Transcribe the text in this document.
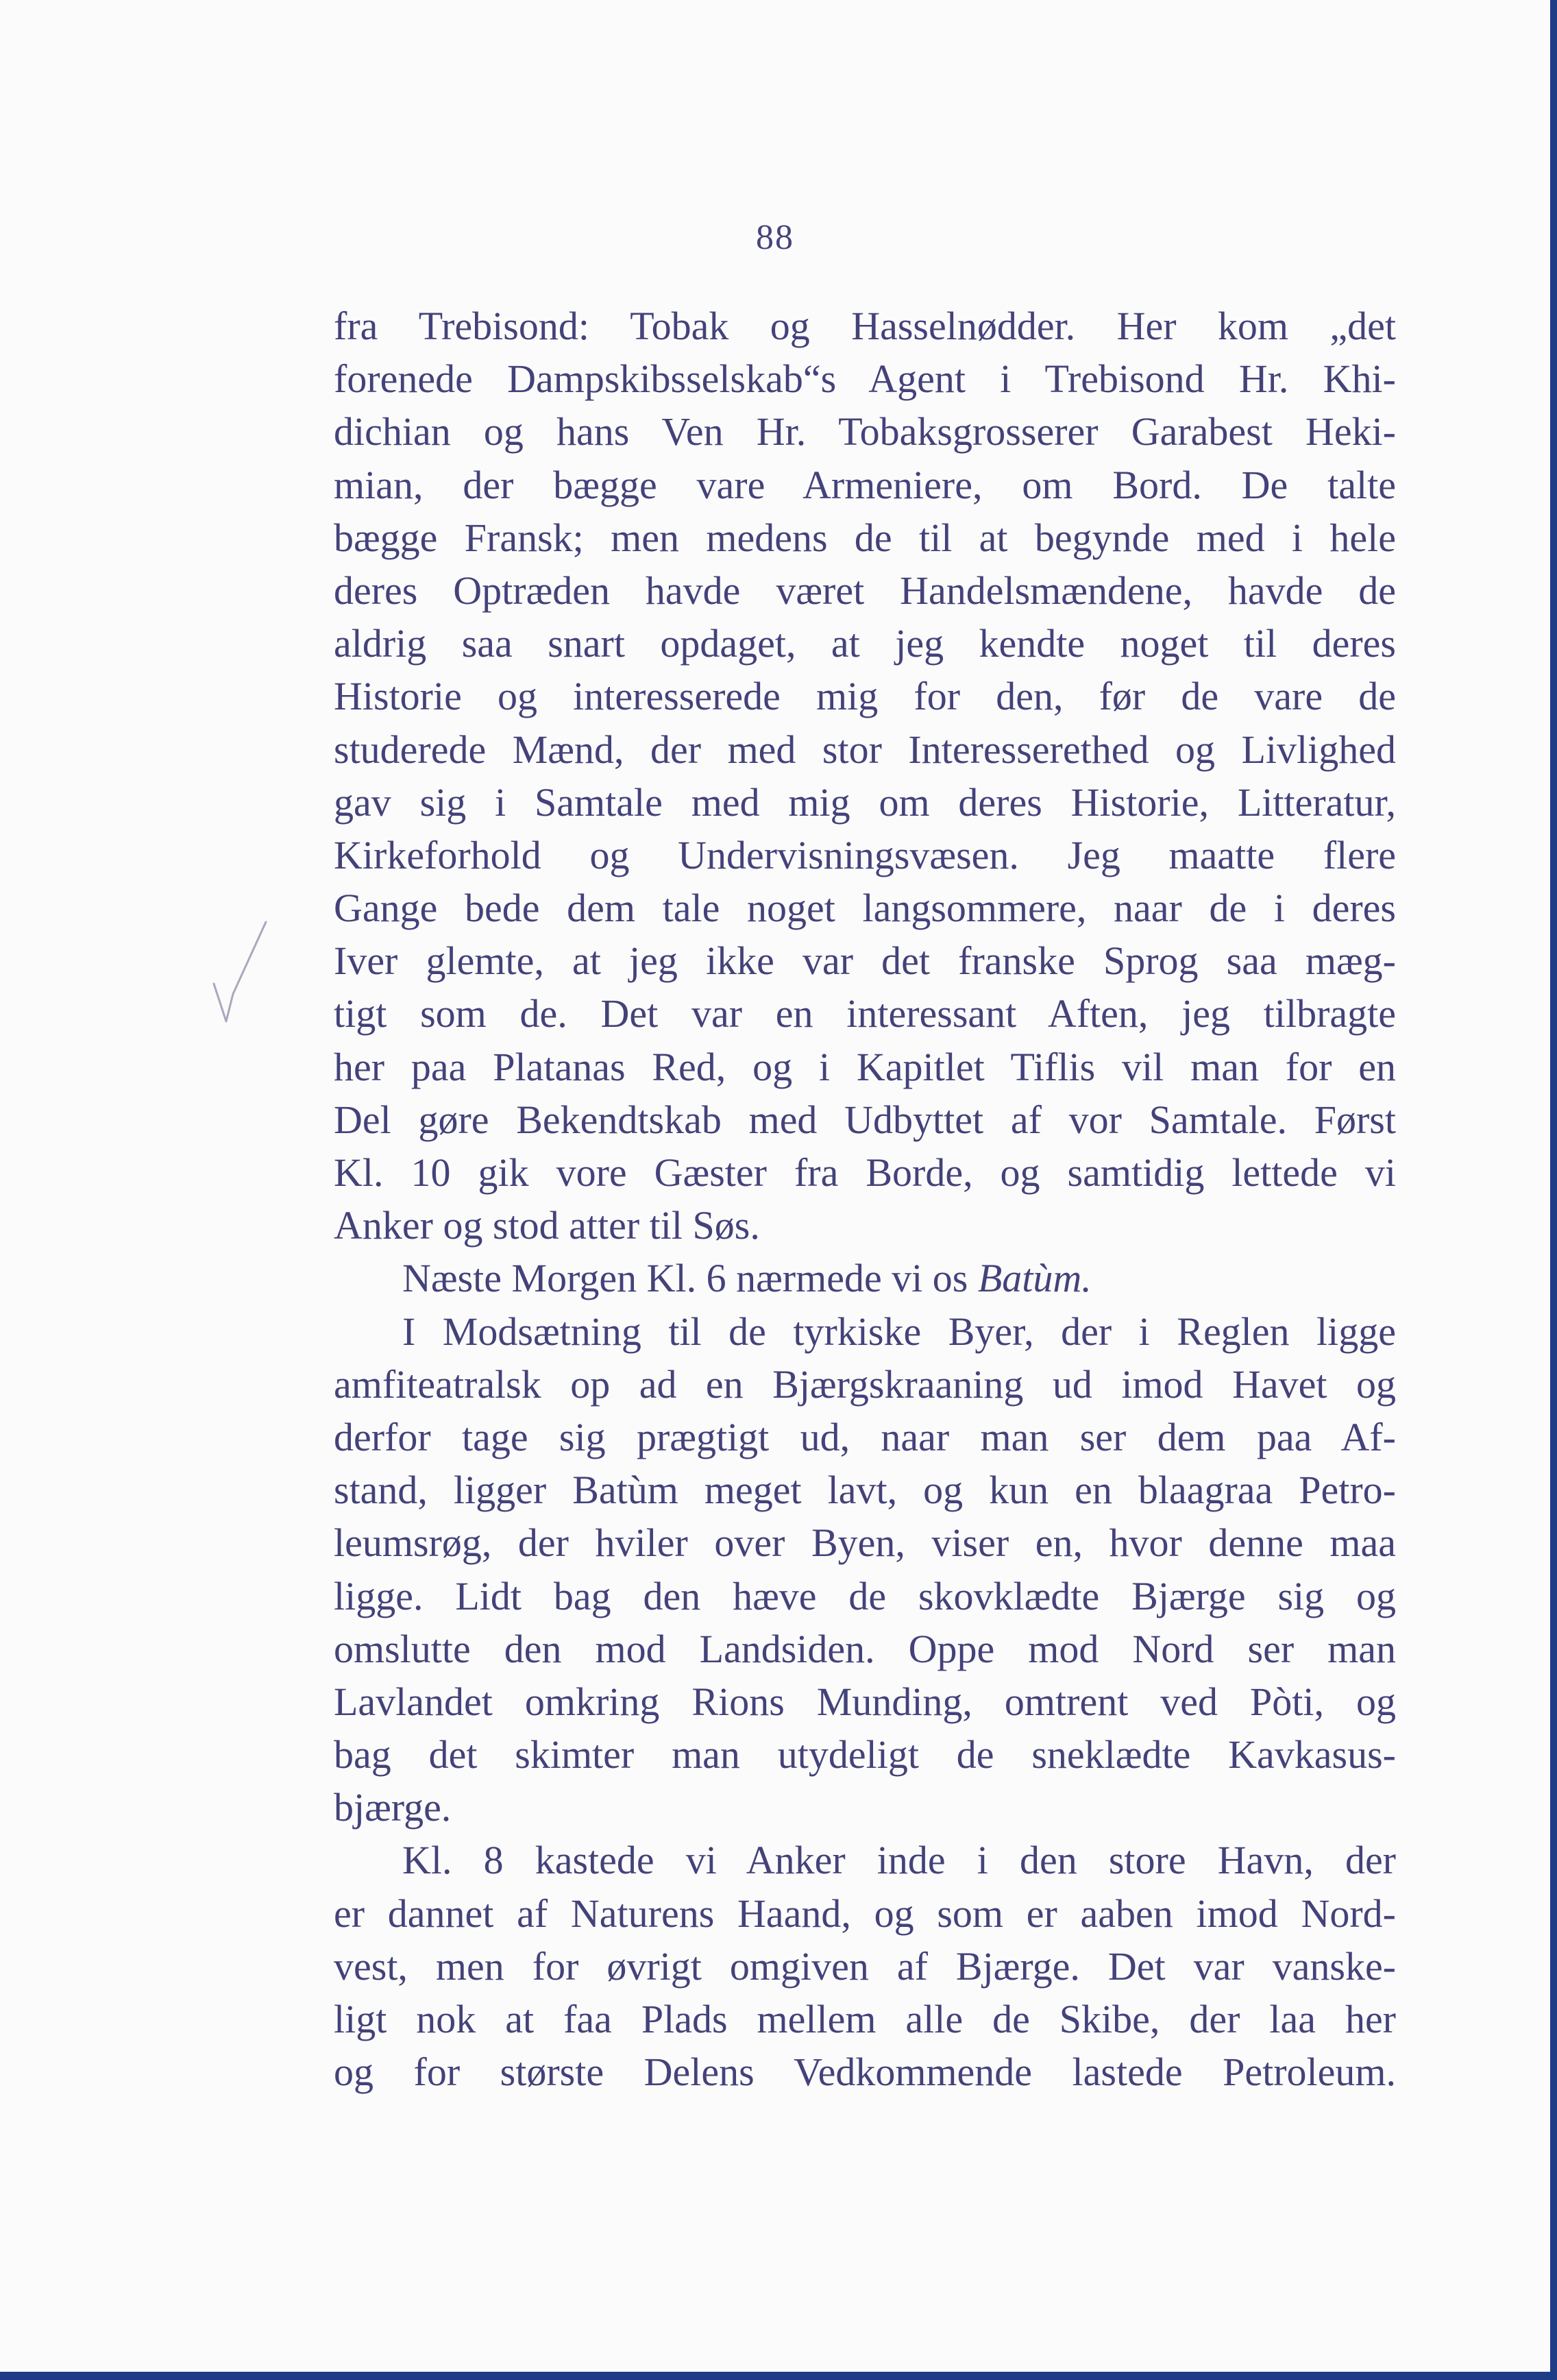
88
fra Trebisond: Tobak og Hasselnødder. Her kom „det
forenede Dampskibsselskab“s Agent i Trebisond Hr. Khi-
dichian og hans Ven Hr. Tobaksgrosserer Garabest Heki-
mian, der bægge vare Armeniere, om Bord. De talte
bægge Fransk; men medens de til at begynde med i hele
deres Optræden havde været Handelsmændene, havde de
aldrig saa snart opdaget, at jeg kendte noget til deres
Historie og interesserede mig for den, før de vare de
studerede Mænd, der med stor Interesserethed og Livlighed
gav sig i Samtale med mig om deres Historie, Litteratur,
Kirkeforhold og Undervisningsvæsen. Jeg maatte flere
Gange bede dem tale noget langsommere, naar de i deres
Iver glemte, at jeg ikke var det franske Sprog saa mæg-
tigt som de. Det var en interessant Aften, jeg tilbragte
her paa Platanas Red, og i Kapitlet Tiflis vil man for en
Del gøre Bekendtskab med Udbyttet af vor Samtale. Først
Kl. 10 gik vore Gæster fra Borde, og samtidig lettede vi
Anker og stod atter til Søs.
Næste Morgen Kl. 6 nærmede vi os Batùm.
I Modsætning til de tyrkiske Byer, der i Reglen ligge
amfiteatralsk op ad en Bjærgskraaning ud imod Havet og
derfor tage sig prægtigt ud, naar man ser dem paa Af-
stand, ligger Batùm meget lavt, og kun en blaagraa Petro-
leumsrøg, der hviler over Byen, viser en, hvor denne maa
ligge. Lidt bag den hæve de skovklædte Bjærge sig og
omslutte den mod Landsiden. Oppe mod Nord ser man
Lavlandet omkring Rions Munding, omtrent ved Pòti, og
bag det skimter man utydeligt de sneklædte Kavkasus-
bjærge.
Kl. 8 kastede vi Anker inde i den store Havn, der
er dannet af Naturens Haand, og som er aaben imod Nord-
vest, men for øvrigt omgiven af Bjærge. Det var vanske-
ligt nok at faa Plads mellem alle de Skibe, der laa her
og for største Delens Vedkommende lastede Petroleum.
